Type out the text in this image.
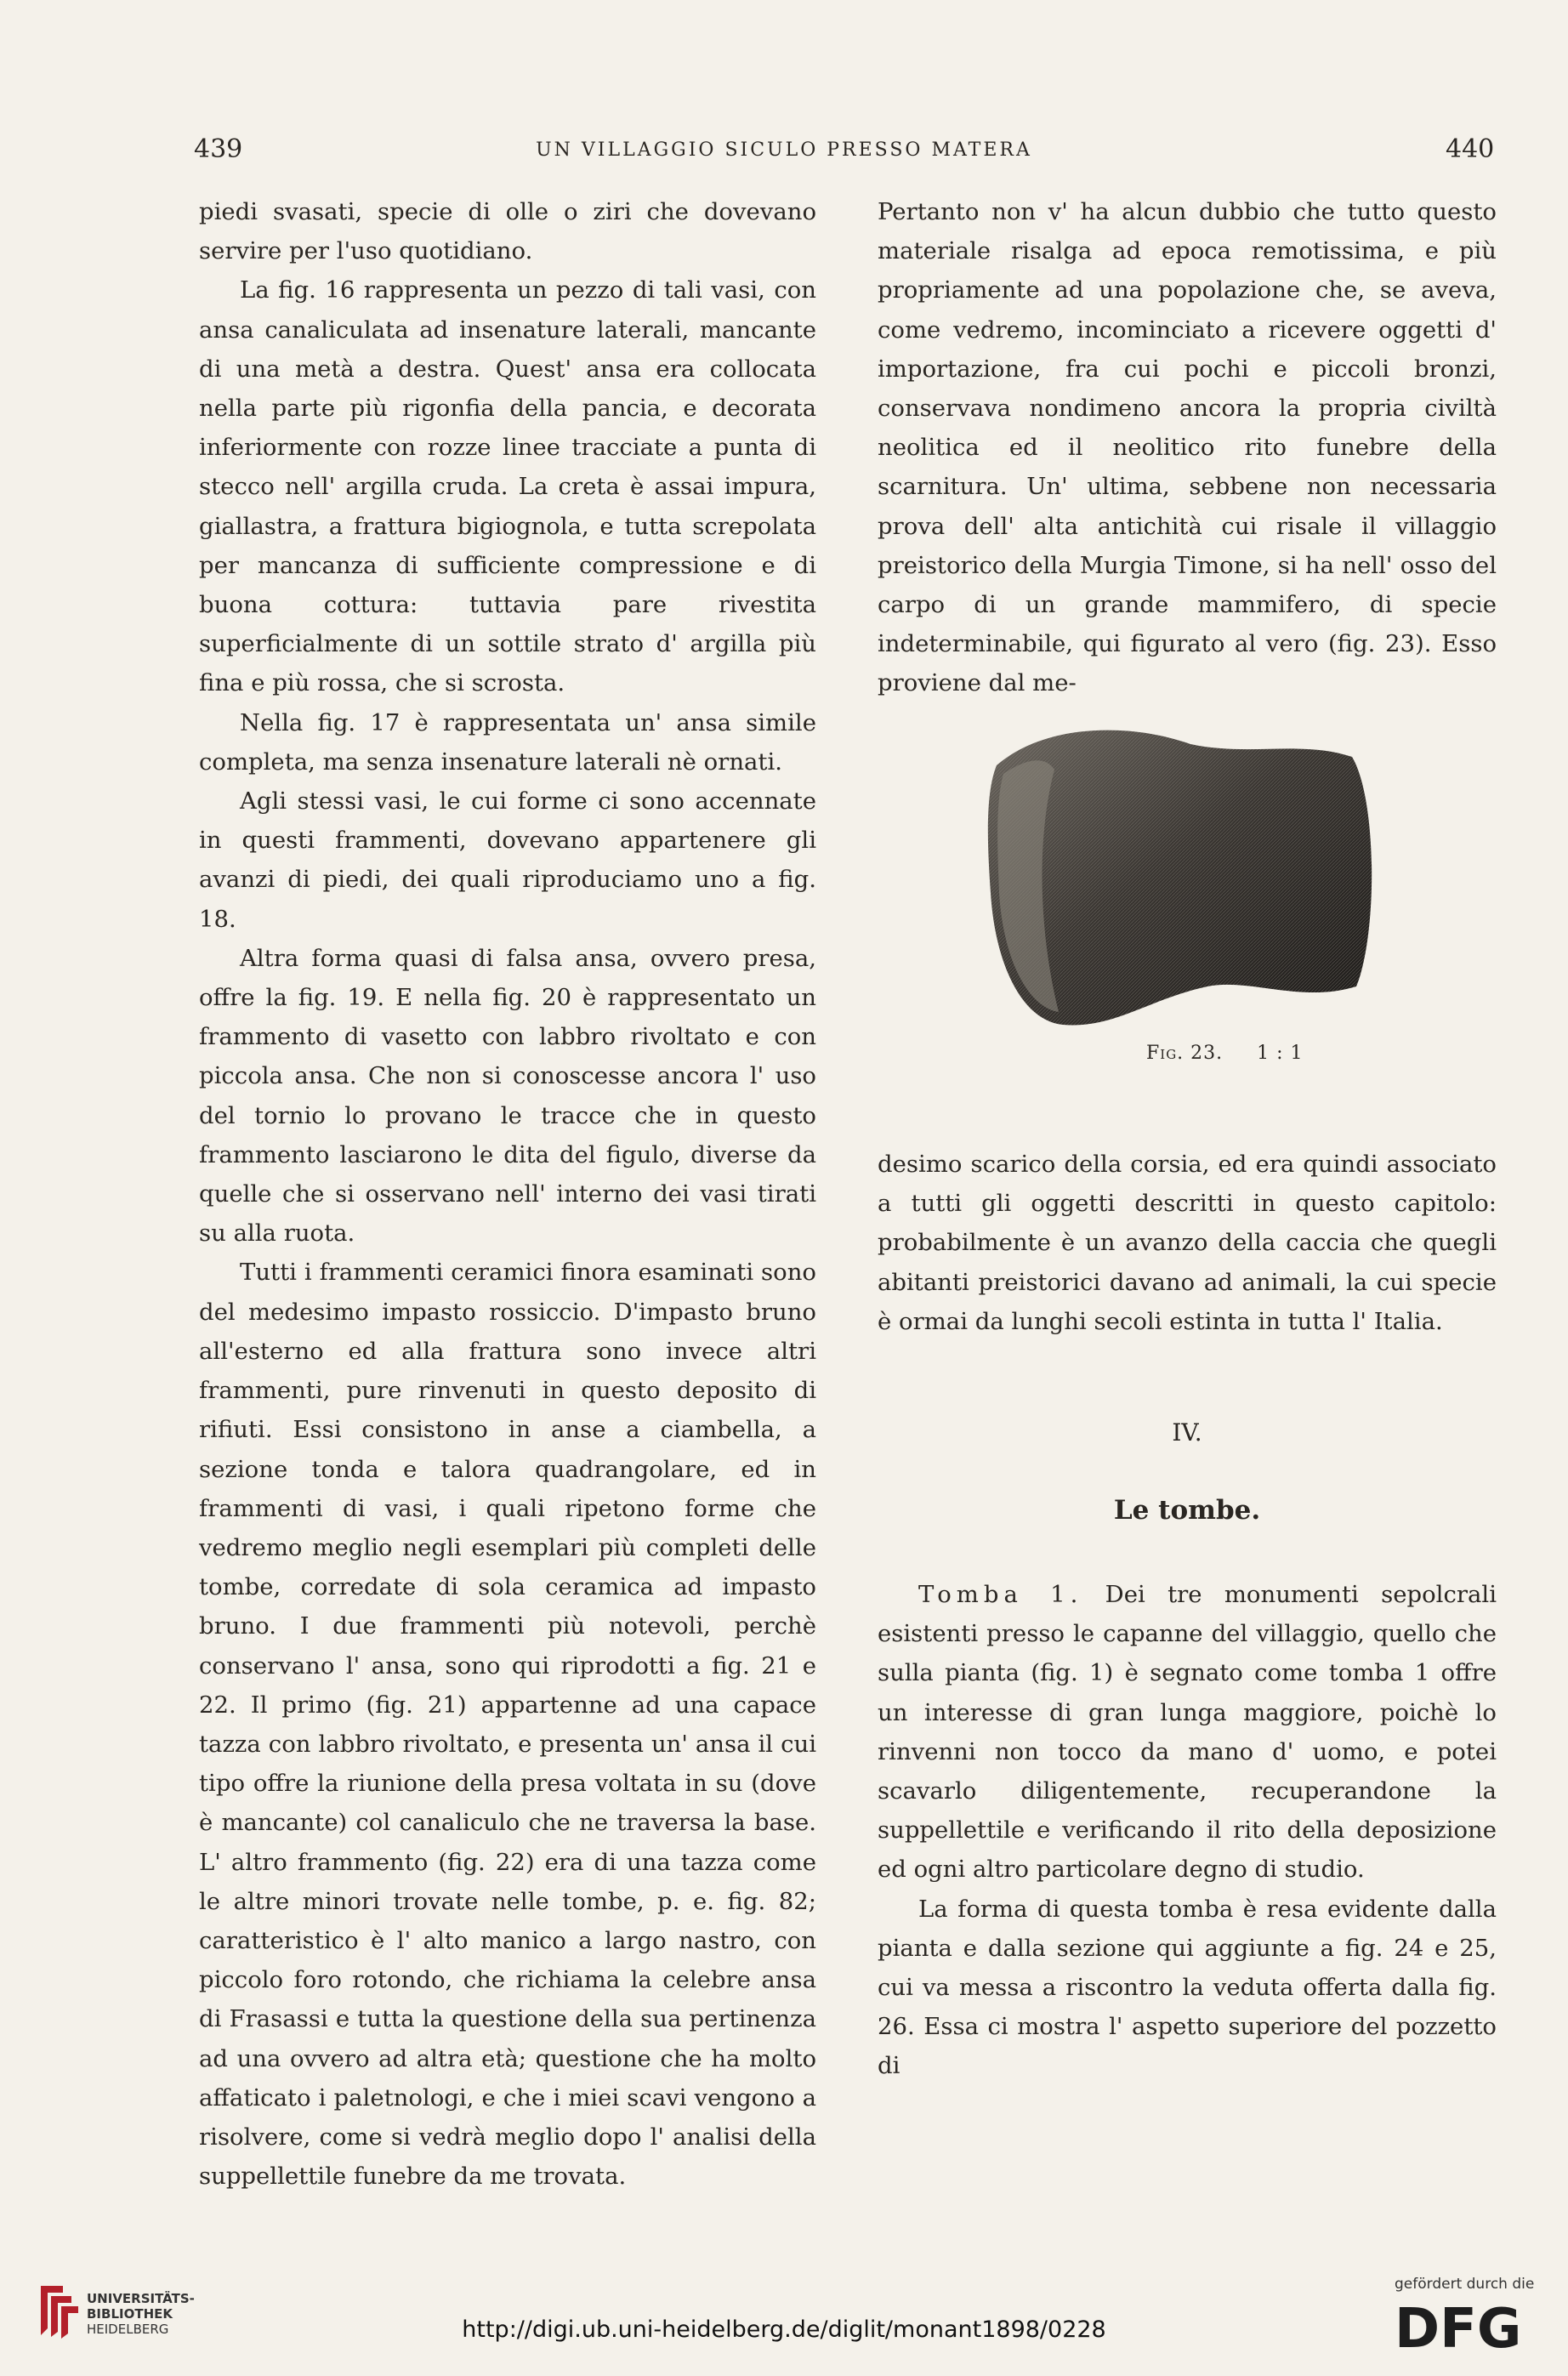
439	UN VILLAGGIO SICULO PRESSO MATERA	440

piedi svasati, specie di olle o ziri che dovevano servire per l'uso quotidiano.

La fig. 16 rappresenta un pezzo di tali vasi, con ansa canaliculata ad insenature laterali, mancante di una metà a destra. Quest' ansa era collocata nella parte più rigonfia della pancia, e decorata inferiormente con rozze linee tracciate a punta di stecco nell' argilla cruda. La creta è assai impura, giallastra, a frattura bigiognola, e tutta screpolata per mancanza di sufficiente compressione e di buona cottura: tuttavia pare rivestita superficialmente di un sottile strato d' argilla più fina e più rossa, che si scrosta.

Nella fig. 17 è rappresentata un' ansa simile completa, ma senza insenature laterali nè ornati.

Agli stessi vasi, le cui forme ci sono accennate in questi frammenti, dovevano appartenere gli avanzi di piedi, dei quali riproduciamo uno a fig. 18.

Altra forma quasi di falsa ansa, ovvero presa, offre la fig. 19. E nella fig. 20 è rappresentato un frammento di vasetto con labbro rivoltato e con piccola ansa. Che non si conoscesse ancora l' uso del tornio lo provano le tracce che in questo frammento lasciarono le dita del figulo, diverse da quelle che si osservano nell' interno dei vasi tirati su alla ruota.

Tutti i frammenti ceramici finora esaminati sono del medesimo impasto rossiccio. D'impasto bruno all'esterno ed alla frattura sono invece altri frammenti, pure rinvenuti in questo deposito di rifiuti. Essi consistono in anse a ciambella, a sezione tonda e talora quadrangolare, ed in frammenti di vasi, i quali ripetono forme che vedremo meglio negli esemplari più completi delle tombe, corredate di sola ceramica ad impasto bruno. I due frammenti più notevoli, perchè conservano l' ansa, sono qui riprodotti a fig. 21 e 22. Il primo (fig. 21) appartenne ad una capace tazza con labbro rivoltato, e presenta un' ansa il cui tipo offre la riunione della presa voltata in su (dove è mancante) col canaliculo che ne traversa la base. L' altro frammento (fig. 22) era di una tazza come le altre minori trovate nelle tombe, p. e. fig. 82; caratteristico è l' alto manico a largo nastro, con piccolo foro rotondo, che richiama la celebre ansa di Frasassi e tutta la questione della sua pertinenza ad una ovvero ad altra età; questione che ha molto affaticato i paletnologi, e che i miei scavi vengono a risolvere, come si vedrà meglio dopo l' analisi della suppellettile funebre da me trovata.

Pertanto non v' ha alcun dubbio che tutto questo materiale risalga ad epoca remotissima, e più propriamente ad una popolazione che, se aveva, come vedremo, incominciato a ricevere oggetti d' importazione, fra cui pochi e piccoli bronzi, conservava nondimeno ancora la propria civiltà neolitica ed il neolitico rito funebre della scarnitura. Un' ultima, sebbene non necessaria prova dell' alta antichità cui risale il villaggio preistorico della Murgia Timone, si ha nell' osso del carpo di un grande mammifero, di specie indeterminabile, qui figurato al vero (fig. 23). Esso proviene dal me-

Fig. 23. 1 : 1

desimo scarico della corsia, ed era quindi associato a tutti gli oggetti descritti in questo capitolo: probabilmente è un avanzo della caccia che quegli abitanti preistorici davano ad animali, la cui specie è ormai da lunghi secoli estinta in tutta l' Italia.

IV.
Le tombe.

Tomba 1. Dei tre monumenti sepolcrali esistenti presso le capanne del villaggio, quello che sulla pianta (fig. 1) è segnato come tomba 1 offre un interesse di gran lunga maggiore, poichè lo rinvenni non tocco da mano d' uomo, e potei scavarlo diligentemente, recuperandone la suppellettile e verificando il rito della deposizione ed ogni altro particolare degno di studio.

La forma di questa tomba è resa evidente dalla pianta e dalla sezione qui aggiunte a fig. 24 e 25, cui va messa a riscontro la veduta offerta dalla fig. 26. Essa ci mostra l' aspetto superiore del pozzetto di

UNIVERSITÄTS-
BIBLIOTHEK
HEIDELBERG	http://digi.ub.uni-heidelberg.de/diglit/monant1898/0228
gefördert durch die
DFG
